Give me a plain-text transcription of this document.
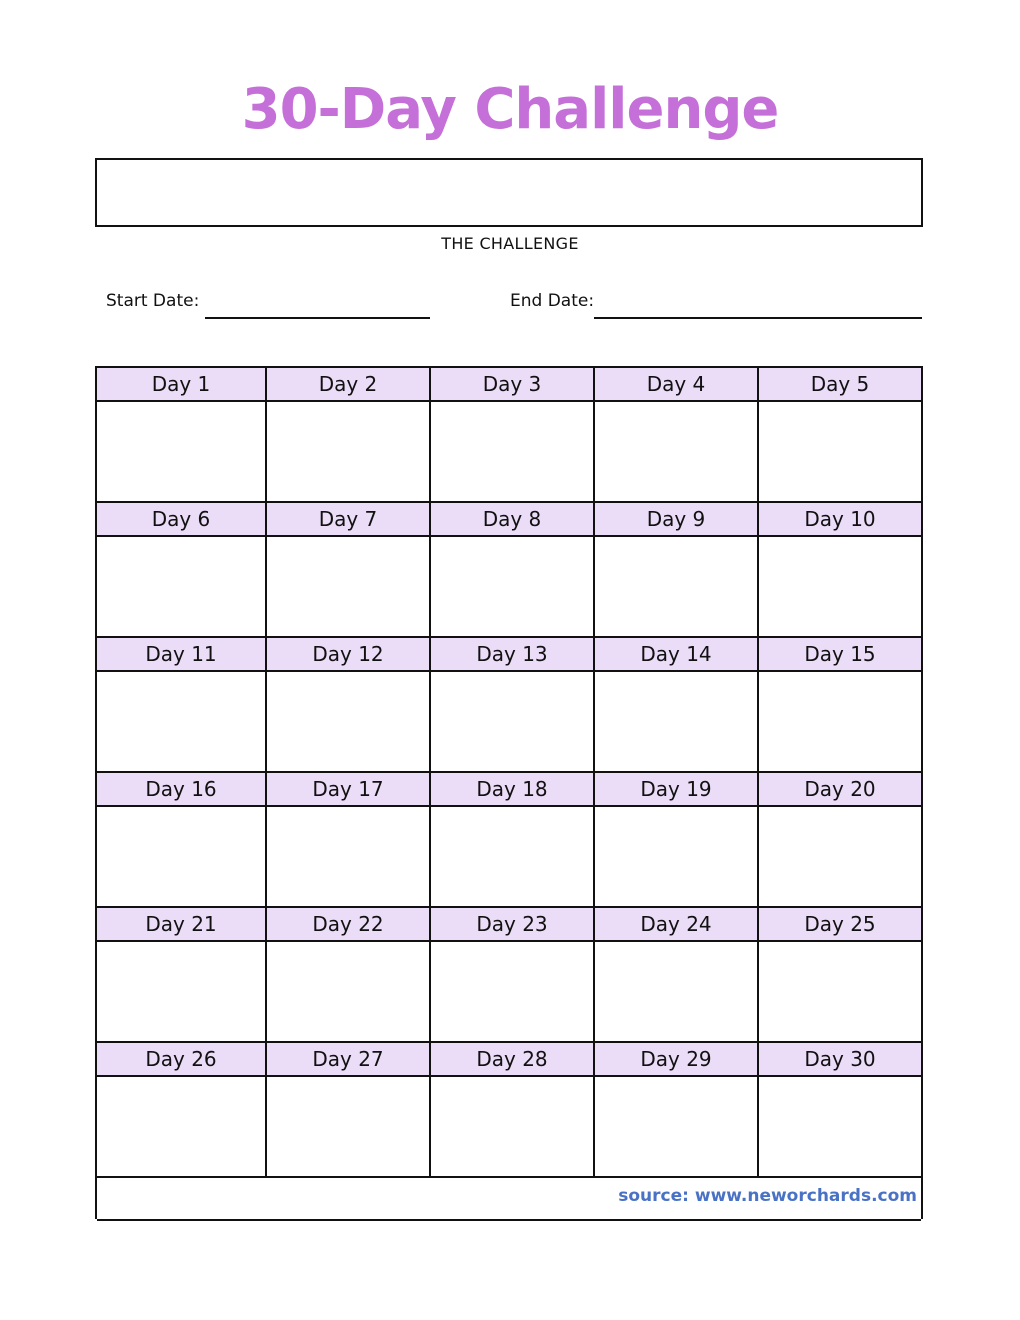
30-Day Challenge
THE CHALLENGE
Start Date:	End Date:
Day 1	Day 2	Day 3	Day 4	Day 5
Day 6	Day 7	Day 8	Day 9	Day 10
Day 11	Day 12	Day 13	Day 14	Day 15
Day 16	Day 17	Day 18	Day 19	Day 20
Day 21	Day 22	Day 23	Day 24	Day 25
Day 26	Day 27	Day 28	Day 29	Day 30
source: www.neworchards.com
